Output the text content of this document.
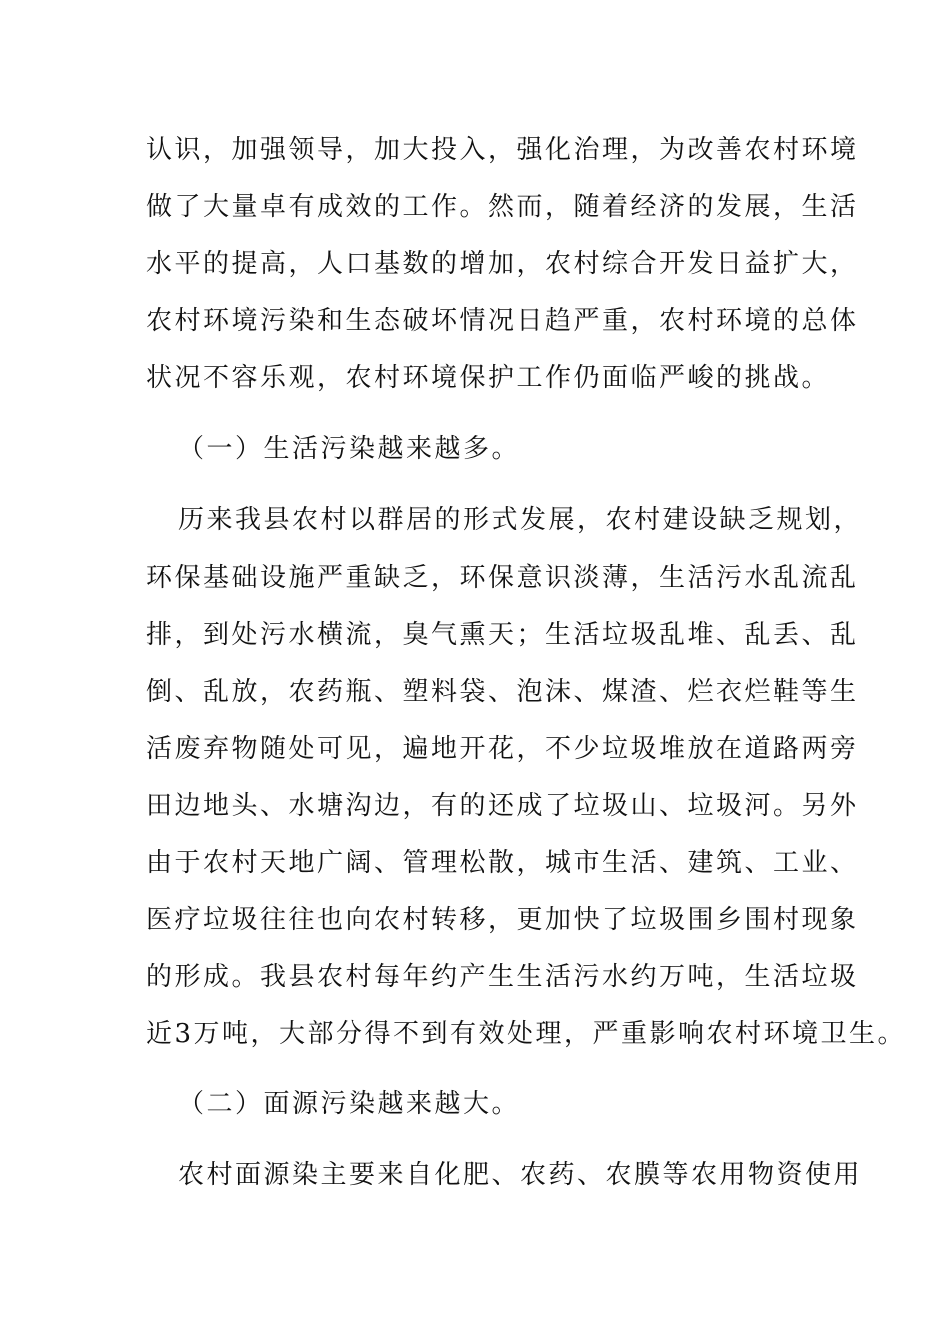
认识，加强领导，加大投入，强化治理，为改善农村环境
做了大量卓有成效的工作。然而，随着经济的发展，生活
水平的提高，人口基数的增加，农村综合开发日益扩大，
农村环境污染和生态破坏情况日趋严重，农村环境的总体
状况不容乐观，农村环境保护工作仍面临严峻的挑战。
（一）生活污染越来越多。
历来我县农村以群居的形式发展，农村建设缺乏规划，
环保基础设施严重缺乏，环保意识淡薄，生活污水乱流乱
排，到处污水横流，臭气熏天；生活垃圾乱堆、乱丢、乱
倒、乱放，农药瓶、塑料袋、泡沫、煤渣、烂衣烂鞋等生
活废弃物随处可见，遍地开花，不少垃圾堆放在道路两旁
田边地头、水塘沟边，有的还成了垃圾山、垃圾河。另外
由于农村天地广阔、管理松散，城市生活、建筑、工业、
医疗垃圾往往也向农村转移，更加快了垃圾围乡围村现象
的形成。我县农村每年约产生生活污水约万吨，生活垃圾
近3万吨，大部分得不到有效处理，严重影响农村环境卫生。
（二）面源污染越来越大。
农村面源染主要来自化肥、农药、农膜等农用物资使用
